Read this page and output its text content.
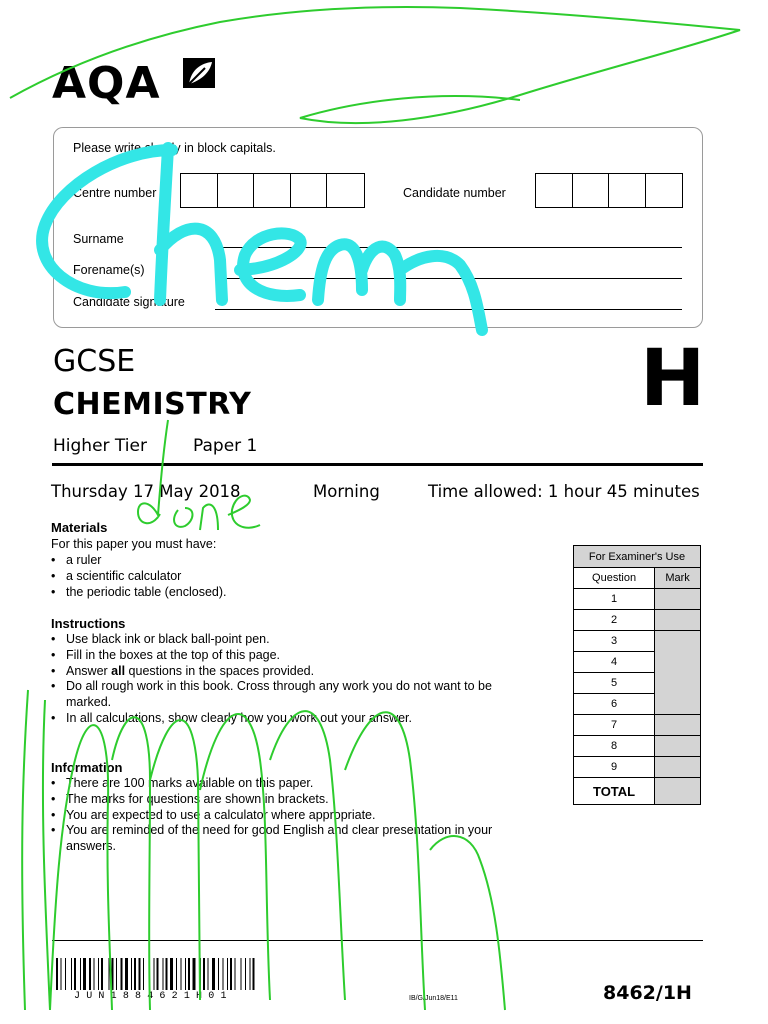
AQA
Please write clearly in block capitals.
Centre number	Candidate number
Surname
Forename(s)
Candidate signature
GCSE
CHEMISTRY	H
Higher Tier	Paper 1
Thursday 17 May 2018	Morning	Time allowed: 1 hour 45 minutes
Materials
For this paper you must have:
• a ruler
• a scientific calculator
• the periodic table (enclosed).
Instructions
• Use black ink or black ball-point pen.
• Fill in the boxes at the top of this page.
• Answer all questions in the spaces provided.
• Do all rough work in this book. Cross through any work you do not want to be marked.
• In all calculations, show clearly how you work out your answer.
Information
• There are 100 marks available on this paper.
• The marks for questions are shown in brackets.
• You are expected to use a calculator where appropriate.
• You are reminded of the need for good English and clear presentation in your answers.
For Examiner's Use	
Question	Mark
1	
2	
3	
4	
5	
6	
7	
8	
9	
TOTAL	
JUN1884621H01	IB/G/Jun18/E11	8462/1H
